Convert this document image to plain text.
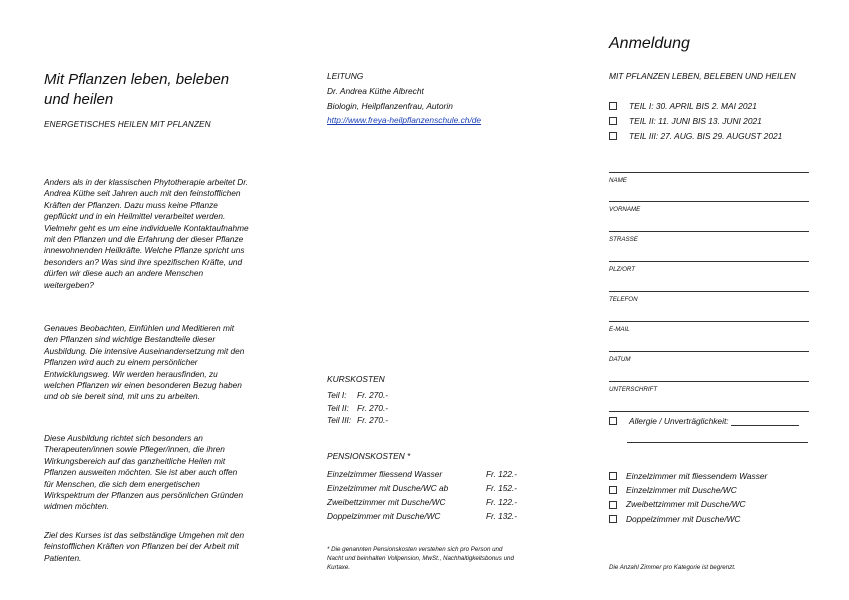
Mit Pflanzen leben, beleben und heilen
ENERGETISCHES HEILEN MIT PFLANZEN

Anders als in der klassischen Phytotherapie arbeitet Dr. Andrea Küthe seit Jahren auch mit den feinstofflichen Kräften der Pflanzen. Dazu muss keine Pflanze gepflückt und in ein Heilmittel verarbeitet werden. Vielmehr geht es um eine individuelle Kontaktaufnahme mit den Pflanzen und die Erfahrung der dieser Pflanze innewohnenden Heilkräfte. Welche Pflanze spricht uns besonders an? Was sind ihre spezifischen Kräfte, und dürfen wir diese auch an andere Menschen weitergeben?

Genaues Beobachten, Einfühlen und Meditieren mit den Pflanzen sind wichtige Bestandteile dieser Ausbildung. Die intensive Auseinandersetzung mit den Pflanzen wird auch zu einem persönlicher Entwicklungsweg. Wir werden herausfinden, zu welchen Pflanzen wir einen besonderen Bezug haben und ob sie bereit sind, mit uns zu arbeiten.

Diese Ausbildung richtet sich besonders an Therapeuten/innen sowie Pfleger/innen, die ihren Wirkungsbereich auf das ganzheitliche Heilen mit Pflanzen ausweiten möchten. Sie ist aber auch offen für Menschen, die sich dem energetischen Wirkspektrum der Pflanzen aus persönlichen Gründen widmen möchten.

Ziel des Kurses ist das selbständige Umgehen mit den feinstofflichen Kräften von Pflanzen bei der Arbeit mit Patienten.

LEITUNG
Dr. Andrea Küthe Albrecht
Biologin, Heilpflanzenfrau, Autorin
http://www.freya-heilpflanzenschule.ch/de
KURSKOSTEN
Teil I:	Fr. 270.-
Teil II: Fr. 270.-
Teil III: Fr. 270.-
PENSIONSKOSTEN *
Einzelzimmer fliessend Wasser	Fr. 122.-
Einzelzimmer mit Dusche/WC ab	Fr. 152.-
Zweibettzimmer mit Dusche/WC	Fr. 122.-
Doppelzimmer mit Dusche/WC	Fr. 132.-
* Die genannten Pensionskosten verstehen sich pro Person und Nacht und beinhalten Vollpension, MwSt., Nachhaltigkeitsbonus und Kurtaxe.
Anmeldung
MIT PFLANZEN LEBEN, BELEBEN UND HEILEN
TEIL I: 30. APRIL BIS 2. MAI 2021
TEIL II: 11. JUNI BIS 13. JUNI 2021
TEIL III: 27. AUG. BIS 29. AUGUST 2021
NAME
VORNAME
STRASSE
PLZ/ORT
TELEFON
E-MAIL
DATUM
UNTERSCHRIFT
Allergie / Unverträglichkeit:
Einzelzimmer mit fliessendem Wasser
Einzelzimmer mit Dusche/WC
Zweibettzimmer mit Dusche/WC
Doppelzimmer mit Dusche/WC
Die Anzahl Zimmer pro Kategorie ist begrenzt.
